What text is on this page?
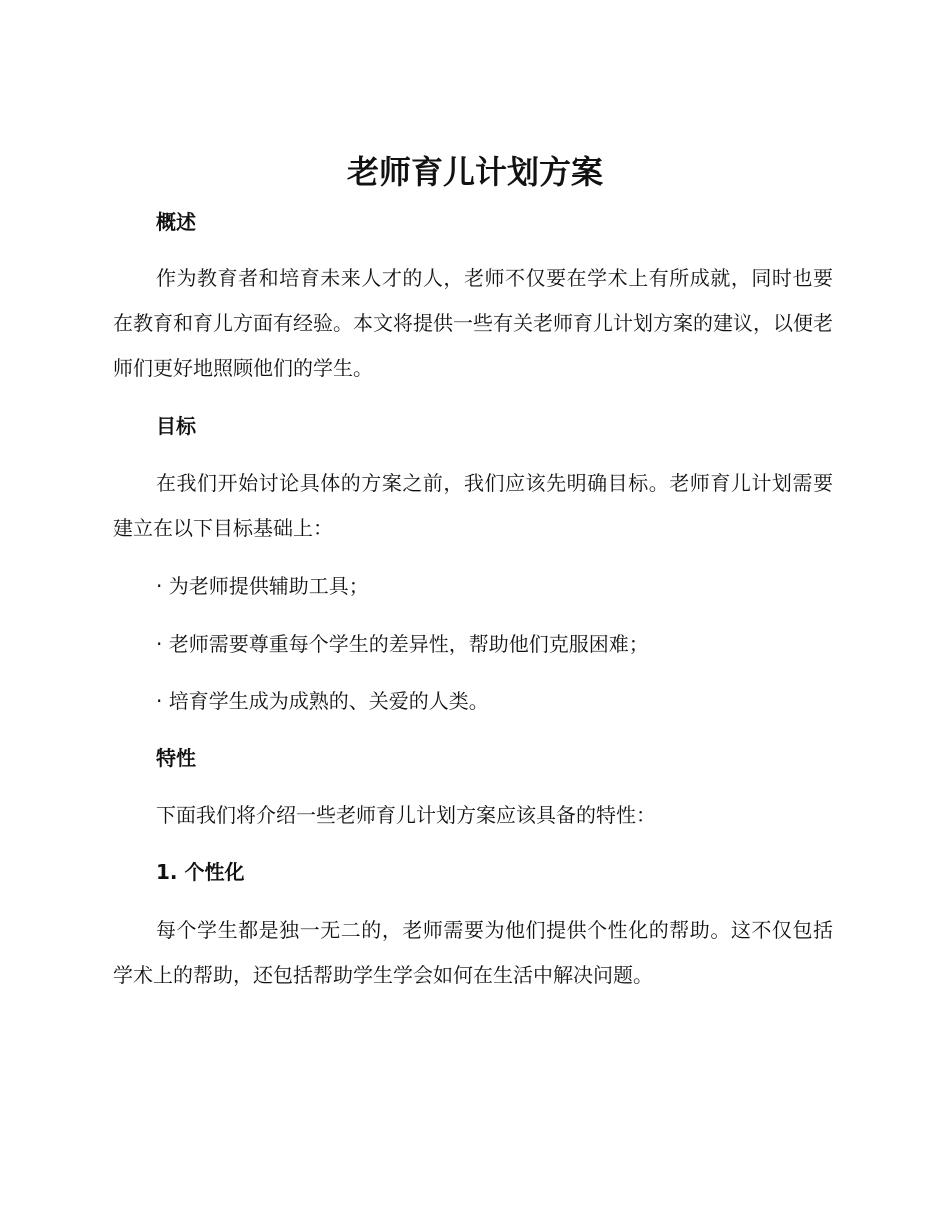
老师育儿计划方案
概述

作为教育者和培育未来人才的人，老师不仅要在学术上有所成就，同时也要在教育和育儿方面有经验。本文将提供一些有关老师育儿计划方案的建议，以便老师们更好地照顾他们的学生。

目标

在我们开始讨论具体的方案之前，我们应该先明确目标。老师育儿计划需要建立在以下目标基础上：

· 为老师提供辅助工具；

· 老师需要尊重每个学生的差异性，帮助他们克服困难；

· 培育学生成为成熟的、关爱的人类。

特性

下面我们将介绍一些老师育儿计划方案应该具备的特性：

1. 个性化

每个学生都是独一无二的，老师需要为他们提供个性化的帮助。这不仅包括学术上的帮助，还包括帮助学生学会如何在生活中解决问题。
